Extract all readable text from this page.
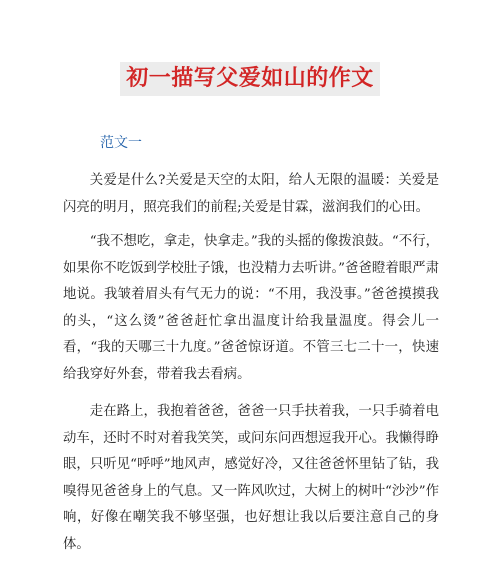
初一描写父爱如山的作文
范文一

关爱是什么?关爱是天空的太阳，给人无限的温暖：关爱是闪亮的明月，照亮我们的前程;关爱是甘霖，滋润我们的心田。

“我不想吃，拿走，快拿走。”我的头摇的像拨浪鼓。“不行，如果你不吃饭到学校肚子饿，也没精力去听讲。”爸爸瞪着眼严肃地说。我皱着眉头有气无力的说：“不用，我没事。”爸爸摸摸我的头，“这么烫”爸爸赶忙拿出温度计给我量温度。得会儿一看，“我的天哪三十九度。”爸爸惊讶道。不管三七二十一，快速给我穿好外套，带着我去看病。

走在路上，我抱着爸爸，爸爸一只手扶着我，一只手骑着电动车，还时不时对着我笑笑，或问东问西想逗我开心。我懒得睁眼，只听见“呼呼”地风声，感觉好冷，又往爸爸怀里钻了钻，我嗅得见爸爸身上的气息。又一阵风吹过，大树上的树叶“沙沙”作响，好像在嘲笑我不够坚强，也好想让我以后要注意自己的身体。
